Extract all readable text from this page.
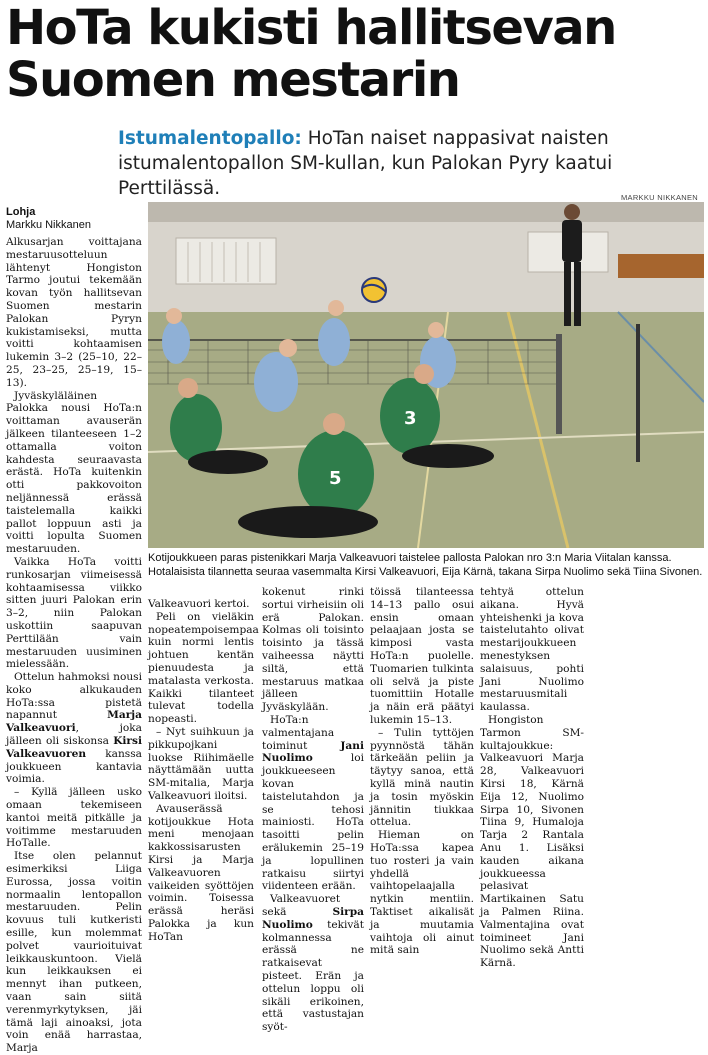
HoTa kukisti hallitsevan
Suomen mestarin
Istumalentopallo: HoTan naiset nappasivat naisten istumalentopallon SM-kullan, kun Palokan Pyry kaatui Perttilässä.
Lohja
Markku Nikkanen
MARKKU NIKKANEN
5
3
Kotijoukkueen paras pistenikkari Marja Valkeavuori taistelee pallosta Palokan nro 3:n Maria Viitalan kanssa. Hotalaisista tilannetta seuraa vasemmalta Kirsi Valkeavuori, Eija Kärnä, takana Sirpa Nuolimo sekä Tiina Sivonen.

Alkusarjan voittajana mestaruusotteluun lähtenyt Hongiston Tarmo joutui tekemään kovan työn hallitsevan Suomen mestarin Palokan Pyryn kukistamiseksi, mutta voitti kohtaamisen lukemin 3–2 (25–10, 22–25, 23–25, 25–19, 15–13).

Jyväskyläläinen Palokka nousi HoTa:n voittaman avauserän jälkeen tilanteeseen 1–2 ottamalla voiton kahdesta seuraavasta erästä. HoTa kuitenkin otti pakkovoiton neljännessä erässä taistelemalla kaikki pallot loppuun asti ja voitti lopulta Suomen mestaruuden.

Vaikka HoTa voitti runkosarjan viimeisessä kohtaamisessa viikko sitten juuri Palokan erin 3–2, niin Palokan uskottiin saapuvan Perttilään vain mestaruuden uusiminen mielessään.

Ottelun hahmoksi nousi koko alkukauden HoTa:ssa pistetä napannut Marja Valkeavuori, joka jälleen oli siskonsa Kirsi Valkeavuoren kanssa joukkueen kantavia voimia.

– Kyllä jälleen usko omaan tekemiseen kantoi meitä pitkälle ja voitimme mestaruuden HoTalle.

Itse olen pelannut esimerkiksi Liiga Eurossa, jossa voitin normaalin lentopallon mestaruuden. Pelin kovuus tuli kutkeristi esille, kun molemmat polvet vaurioituivat leikkauskuntoon. Vielä kun leikkauksen ei mennyt ihan putkeen, vaan sain siitä verenmyrkytyksen, jäi tämä laji ainoaksi, jota voin enää harrastaa, Marja

Valkeavuori kertoi.

Peli on vieläkin nopeatempoisempaa kuin normi lentis johtuen kentän pienuudesta ja matalasta verkosta. Kaikki tilanteet tulevat todella nopeasti.

– Nyt suihkuun ja pikkupojkani luokse Riihimäelle näyttämään uutta SM-mitalia, Marja Valkeavuori iloitsi.

Avauserässä kotijoukkue Hota meni menojaan kakkossisarusten Kirsi ja Marja Valkeavuoren vaikeiden syöttöjen voimin. Toisessa erässä heräsi Palokka ja kun HoTan

kokenut rinki sortui virheisiin oli erä Palokan. Kolmas oli toisinto toisinto ja tässä vaiheessa näytti siltä, että mestaruus matkaa jälleen Jyväskylään.

HoTa:n valmentajana toiminut Jani Nuolimo loi joukkueeseen kovan taistelutahdon ja se tehosi mainiosti. HoTa tasoitti pelin erälukemin 25–19 ja lopullinen ratkaisu siirtyi viidenteen erään.

Valkeavuoret sekä Sirpa Nuolimo tekivät kolmannessa erässä ne ratkaisevat pisteet. Erän ja ottelun loppu oli sikäli erikoinen, että vastustajan syöt-

töissä tilanteessa 14–13 pallo osui ensin omaan pelaajaan josta se kimposi vasta HoTa:n puolelle. Tuomarien tulkinta oli selvä ja piste tuomittiin Hotalle ja näin erä päätyi lukemin 15–13.

– Tulin tyttöjen pyynnöstä tähän tärkeään peliin ja täytyy sanoa, että kyllä minä nautin ja tosin myöskin jännitin tiukkaa ottelua.

Hieman on HoTa:ssa kapea tuo rosteri ja vain yhdellä vaihtopelaajalla nytkin mentiin. Taktiset aikalisät ja muutamia vaihtoja oli ainut mitä sain

tehtyä ottelun aikana. Hyvä yhteishenki ja kova taistelutahto olivat mestarijoukkueen menestyksen salaisuus, pohti Jani Nuolimo mestaruusmitali kaulassa.

Hongiston Tarmon SM-kultajoukkue: Valkeavuori Marja 28, Valkeavuori Kirsi 18, Kärnä Eija 12, Nuolimo Sirpa 10, Sivonen Tiina 9, Humaloja Tarja 2 Rantala Anu 1. Lisäksi kauden aikana joukkueessa pelasivat Martikainen Satu ja Palmen Riina. Valmentajina ovat toimineet Jani Nuolimo sekä Antti Kärnä.
